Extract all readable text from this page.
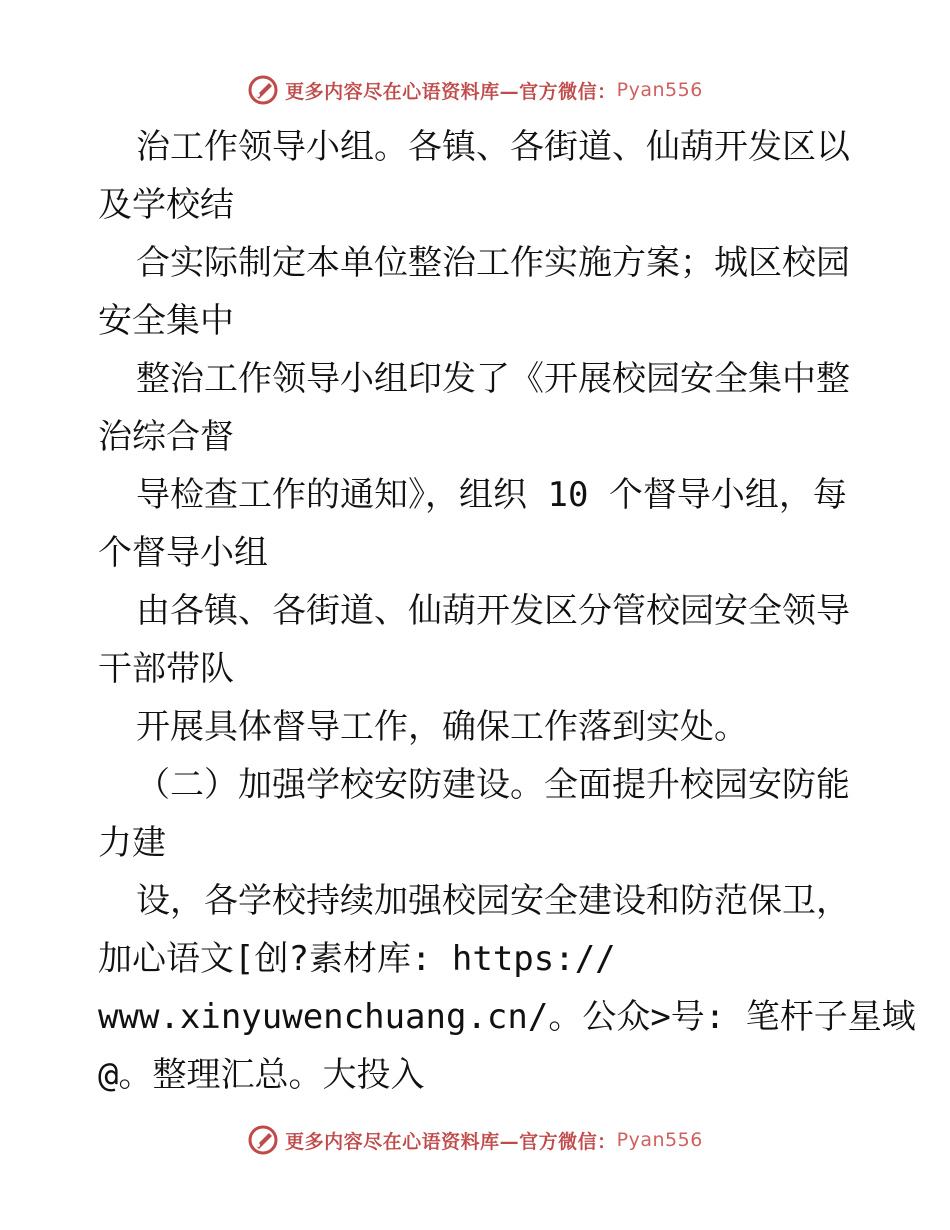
更多内容尽在心语资料库—官方微信： Pyan556
治工作领导小组。各镇、各街道、仙葫开发区以
及学校结
合实际制定本单位整治工作实施方案；城区校园
安全集中
整治工作领导小组印发了《开展校园安全集中整
治综合督
导检查工作的通知》，组织 10 个督导小组，每
个督导小组
由各镇、各街道、仙葫开发区分管校园安全领导
干部带队
开展具体督导工作，确保工作落到实处。
（二）加强学校安防建设。全面提升校园安防能
力建
设，各学校持续加强校园安全建设和防范保卫，
加心语文[创?素材库: https://
www.xinyuwenchuang.cn/。公众>号: 笔杆子星域
@。整理汇总。大投入
更多内容尽在心语资料库—官方微信： Pyan556
